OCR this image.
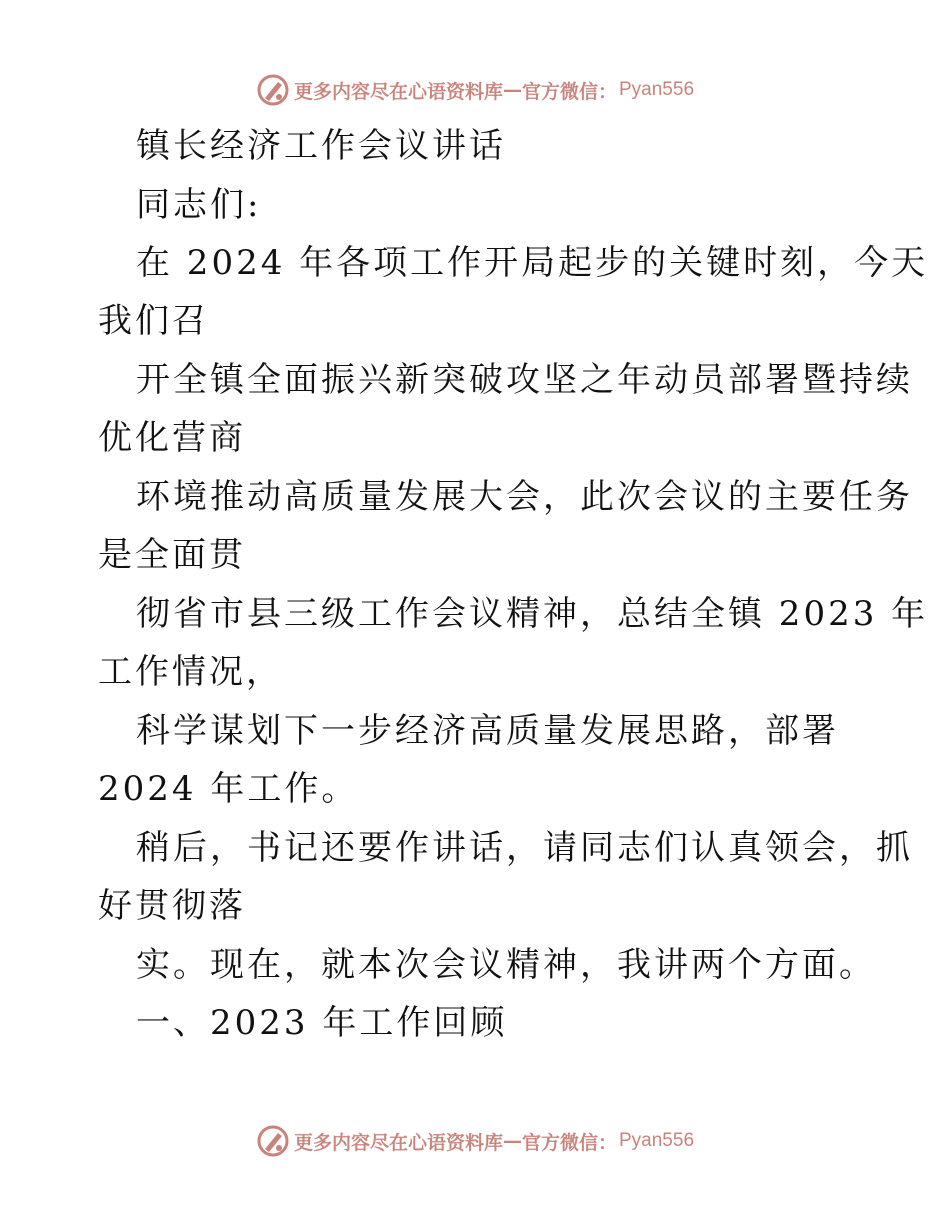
更多内容尽在心语资料库 — 官方微信： Pyan556
镇长经济工作会议讲话
同志们:
在 2024 年各项工作开局起步的关键时刻，今天
我们召
开全镇全面振兴新突破攻坚之年动员部署暨持续
优化营商
环境推动高质量发展大会，此次会议的主要任务
是全面贯
彻省市县三级工作会议精神，总结全镇 2023 年
工作情况，
科学谋划下一步经济高质量发展思路，部署
2024 年工作。
稍后，书记还要作讲话，请同志们认真领会，抓
好贯彻落
实。现在，就本次会议精神，我讲两个方面。
一、2023 年工作回顾
更多内容尽在心语资料库 — 官方微信： Pyan556
